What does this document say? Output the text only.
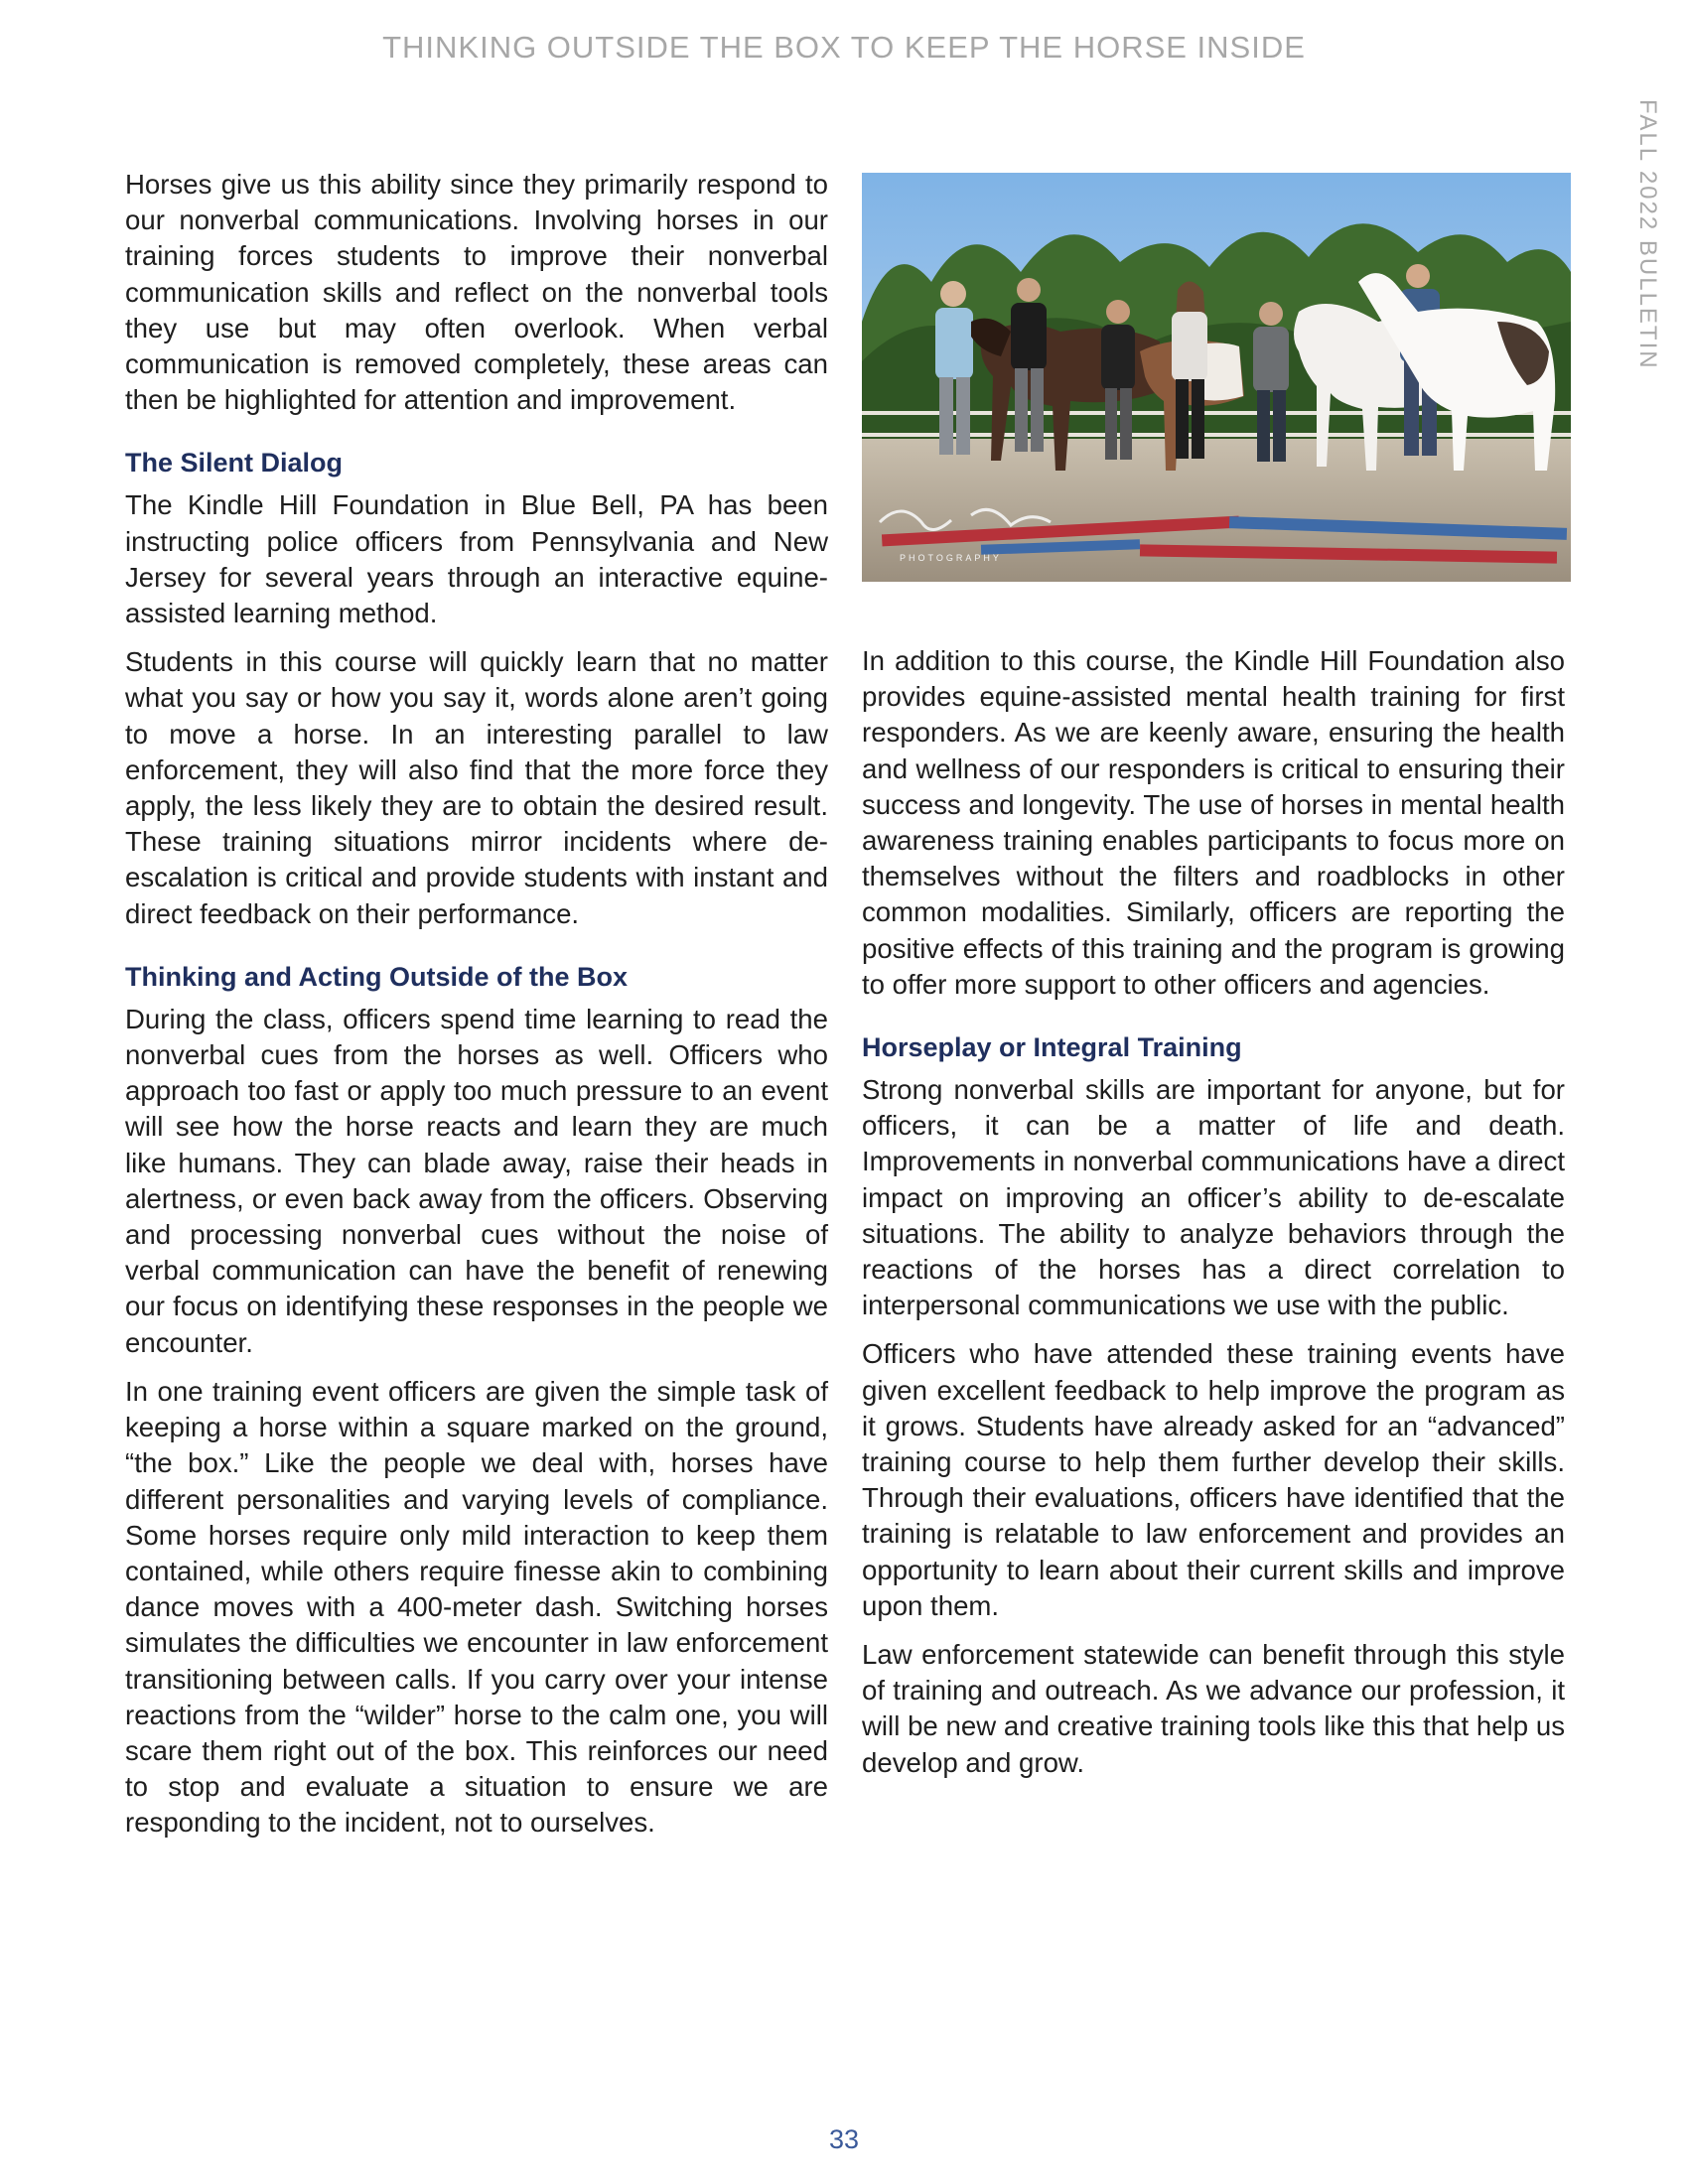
THINKING OUTSIDE THE BOX TO KEEP THE HORSE INSIDE
FALL 2022 BULLETIN

Horses give us this ability since they primarily respond to our nonverbal communications. Involving horses in our training forces students to improve their nonverbal communication skills and reflect on the nonverbal tools they use but may often overlook. When verbal communication is removed completely, these areas can then be highlighted for attention and improvement.

The Silent Dialog

The Kindle Hill Foundation in Blue Bell, PA has been instructing police officers from Pennsylvania and New Jersey for several years through an interactive equine-assisted learning method.

Students in this course will quickly learn that no matter what you say or how you say it, words alone aren’t going to move a horse. In an interesting parallel to law enforcement, they will also find that the more force they apply, the less likely they are to obtain the desired result. These training situations mirror incidents where de-escalation is critical and provide students with instant and direct feedback on their performance.

Thinking and Acting Outside of the Box

During the class, officers spend time learning to read the nonverbal cues from the horses as well. Officers who approach too fast or apply too much pressure to an event will see how the horse reacts and learn they are much like humans. They can blade away, raise their heads in alertness, or even back away from the officers. Observing and processing nonverbal cues without the noise of verbal communication can have the benefit of renewing our focus on identifying these responses in the people we encounter.

In one training event officers are given the simple task of keeping a horse within a square marked on the ground, “the box.” Like the people we deal with, horses have different personalities and varying levels of compliance. Some horses require only mild interaction to keep them contained, while others require finesse akin to combining dance moves with a 400-meter dash. Switching horses simulates the difficulties we encounter in law enforcement transitioning between calls. If you carry over your intense reactions from the “wilder” horse to the calm one, you will scare them right out of the box. This reinforces our need to stop and evaluate a situation to ensure we are responding to the incident, not to ourselves.

PHOTOGRAPHY

In addition to this course, the Kindle Hill Foundation also provides equine-assisted mental health training for first responders. As we are keenly aware, ensuring the health and wellness of our responders is critical to ensuring their success and longevity. The use of horses in mental health awareness training enables participants to focus more on themselves without the filters and roadblocks in other common modalities. Similarly, officers are reporting the positive effects of this training and the program is growing to offer more support to other officers and agencies.

Horseplay or Integral Training

Strong nonverbal skills are important for anyone, but for officers, it can be a matter of life and death. Improvements in nonverbal communications have a direct impact on improving an officer’s ability to de-escalate situations. The ability to analyze behaviors through the reactions of the horses has a direct correlation to interpersonal communications we use with the public.

Officers who have attended these training events have given excellent feedback to help improve the program as it grows. Students have already asked for an “advanced” training course to help them further develop their skills. Through their evaluations, officers have identified that the training is relatable to law enforcement and provides an opportunity to learn about their current skills and improve upon them.

Law enforcement statewide can benefit through this style of training and outreach. As we advance our profession, it will be new and creative training tools like this that help us develop and grow.

33
